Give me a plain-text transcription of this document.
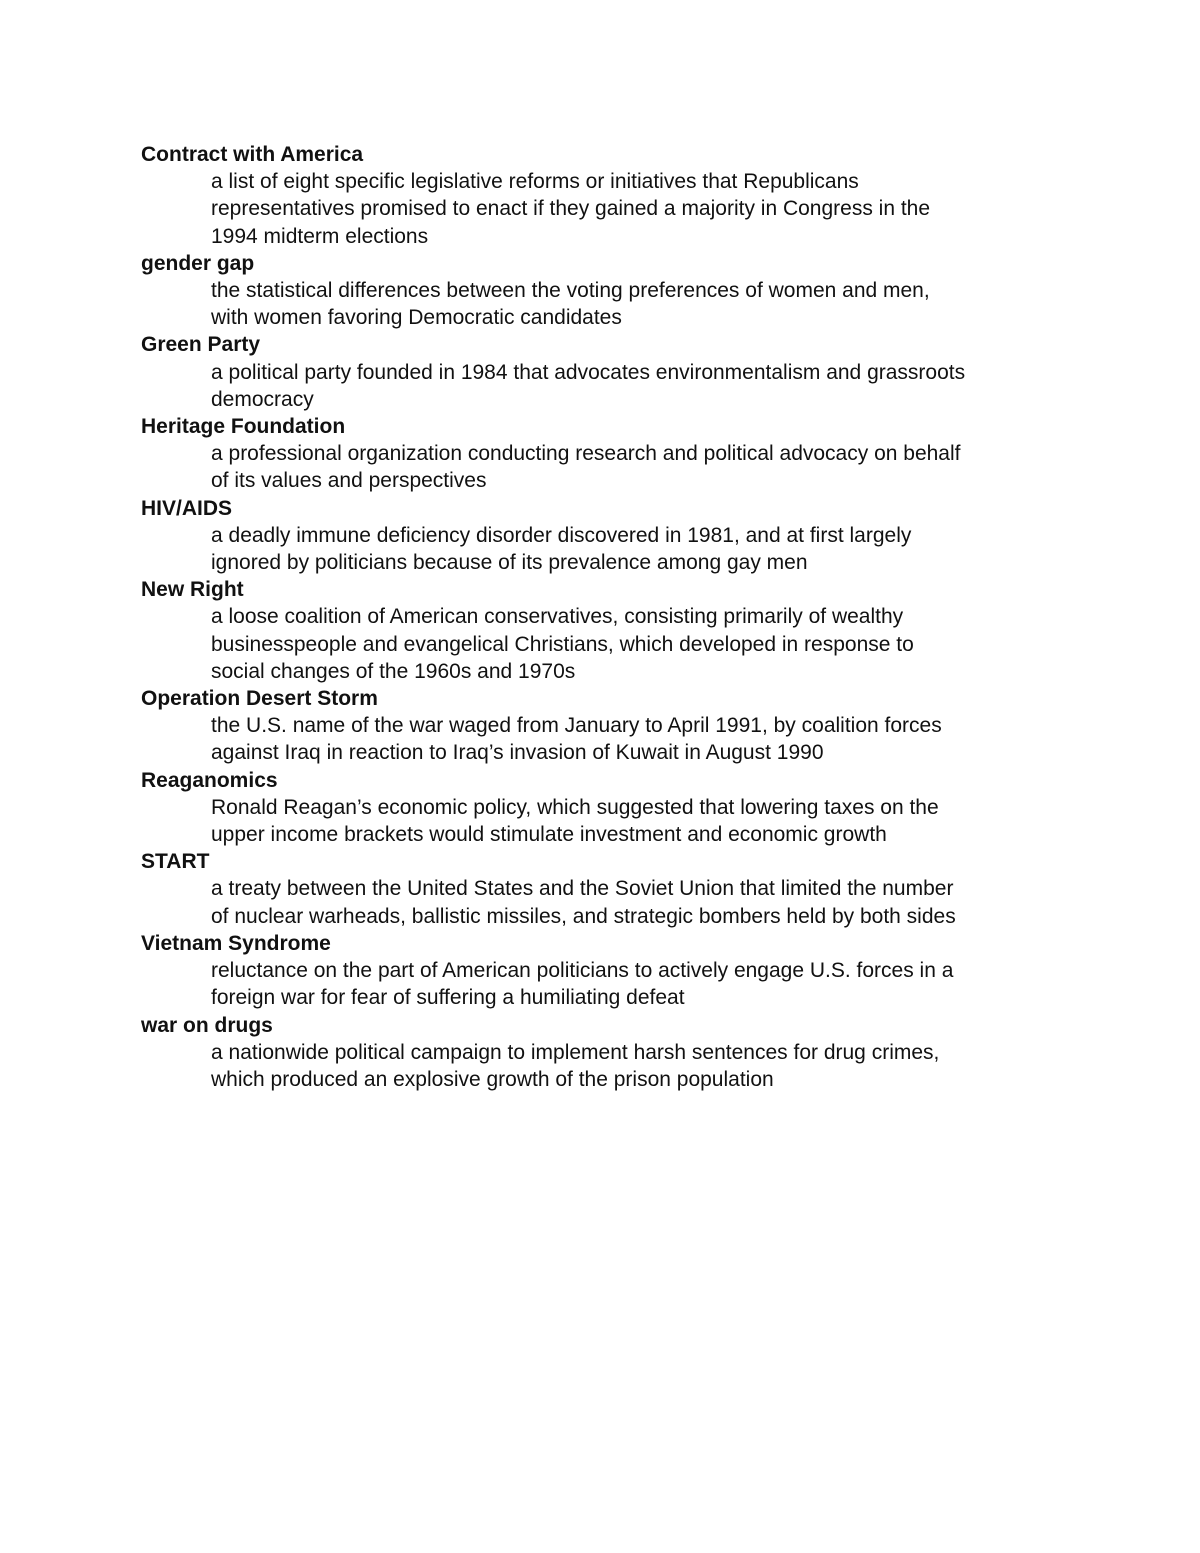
Contract with America
a list of eight specific legislative reforms or initiatives that Republicans
representatives promised to enact if they gained a majority in Congress in the
1994 midterm elections
gender gap
the statistical differences between the voting preferences of women and men,
with women favoring Democratic candidates
Green Party
a political party founded in 1984 that advocates environmentalism and grassroots
democracy
Heritage Foundation
a professional organization conducting research and political advocacy on behalf
of its values and perspectives
HIV/AIDS
a deadly immune deficiency disorder discovered in 1981, and at first largely
ignored by politicians because of its prevalence among gay men
New Right
a loose coalition of American conservatives, consisting primarily of wealthy
businesspeople and evangelical Christians, which developed in response to
social changes of the 1960s and 1970s
Operation Desert Storm
the U.S. name of the war waged from January to April 1991, by coalition forces
against Iraq in reaction to Iraq’s invasion of Kuwait in August 1990
Reaganomics
Ronald Reagan’s economic policy, which suggested that lowering taxes on the
upper income brackets would stimulate investment and economic growth
START
a treaty between the United States and the Soviet Union that limited the number
of nuclear warheads, ballistic missiles, and strategic bombers held by both sides
Vietnam Syndrome
reluctance on the part of American politicians to actively engage U.S. forces in a
foreign war for fear of suffering a humiliating defeat
war on drugs
a nationwide political campaign to implement harsh sentences for drug crimes,
which produced an explosive growth of the prison population
